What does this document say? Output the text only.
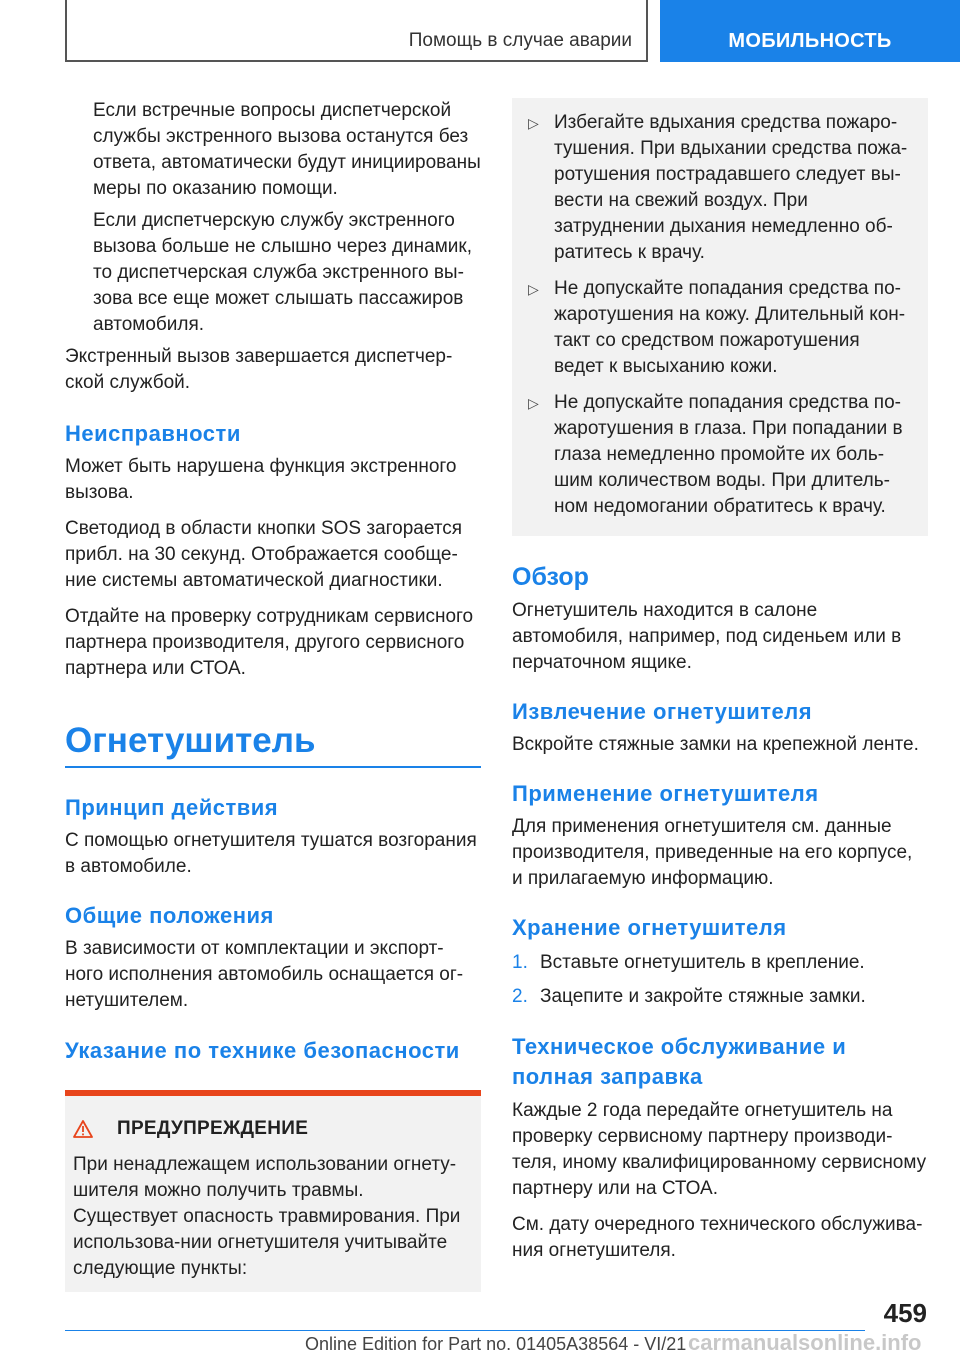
Помощь в случае аварии	МОБИЛЬНОСТЬ

Если встречные вопросы диспетчерской службы экстренного вызова останутся без ответа, автоматически будут инициированы меры по оказанию помощи.

Если диспетчерскую службу экстренного вызова больше не слышно через динамик, то диспетчерская служба экстренного вы-зова все еще может слышать пассажиров автомобиля.

Экстренный вызов завершается диспетчер-ской службой.

Неисправности

Может быть нарушена функция экстренного вызова.

Светодиод в области кнопки SOS загорается прибл. на 30 секунд. Отображается сообще-ние системы автоматической диагностики.

Отдайте на проверку сотрудникам сервисного партнера производителя, другого сервисного партнера или СТОА.

Огнетушитель

Принцип действия

С помощью огнетушителя тушатся возгорания в автомобиле.

Общие положения

В зависимости от комплектации и экспорт-ного исполнения автомобиль оснащается ог-нетушителем.

Указание по технике безопасности

ПРЕДУПРЕЖДЕНИЕ

При ненадлежащем использовании огнету-шителя можно получить травмы. Существует опасность травмирования. При использова-нии огнетушителя учитывайте следующие пункты:

▷ Избегайте вдыхания средства пожаро-тушения. При вдыхании средства пожа-ротушения пострадавшего следует вы-вести на свежий воздух. При затруднении дыхания немедленно об-ратитесь к врачу.

▷ Не допускайте попадания средства по-жаротушения на кожу. Длительный кон-такт со средством пожаротушения ведет к высыханию кожи.

▷ Не допускайте попадания средства по-жаротушения в глаза. При попадании в глаза немедленно промойте их боль-шим количеством воды. При длитель-ном недомогании обратитесь к врачу.

Обзор

Огнетушитель находится в салоне автомобиля, например, под сиденьем или в перчаточном ящике.

Извлечение огнетушителя

Вскройте стяжные замки на крепежной ленте.

Применение огнетушителя

Для применения огнетушителя см. данные производителя, приведенные на его корпусе, и прилагаемую информацию.

Хранение огнетушителя

1. Вставьте огнетушитель в крепление.
2. Зацепите и закройте стяжные замки.

Техническое обслуживание и полная заправка

Каждые 2 года передайте огнетушитель на проверку сервисному партнеру производи-теля, иному квалифицированному сервисному партнеру или на СТОА.

См. дату очередного технического обслужива-ния огнетушителя.

459
Online Edition for Part no. 01405A38564 - VI/21 carmanualsonline.info
